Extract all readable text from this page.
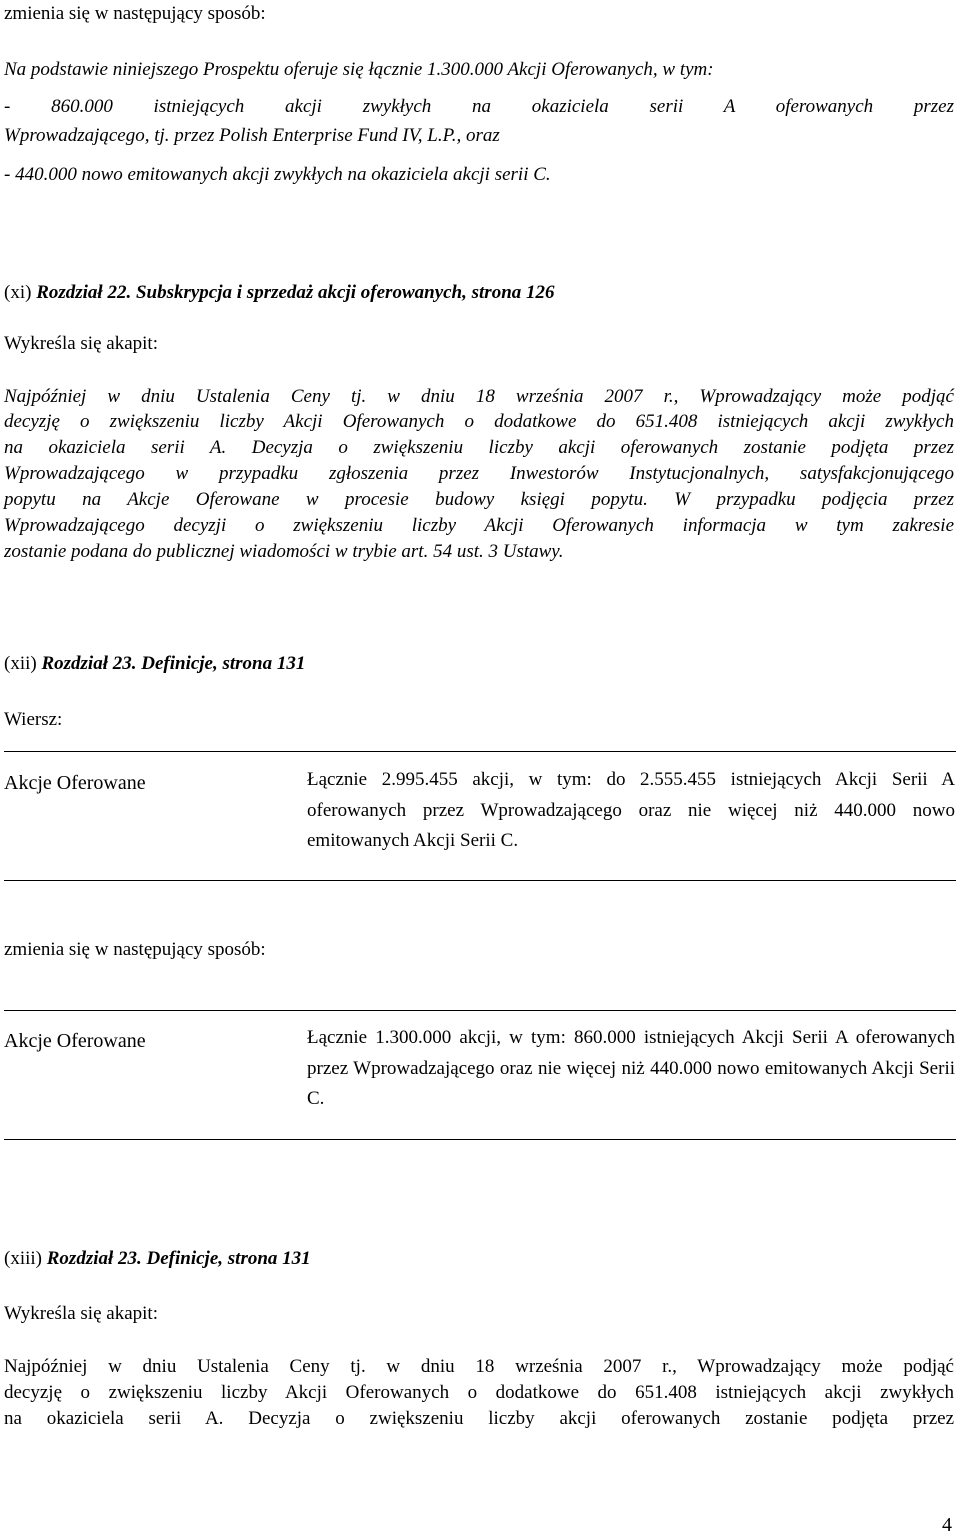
zmienia się w następujący sposób:
Na podstawie niniejszego Prospektu oferuje się łącznie 1.300.000 Akcji Oferowanych, w tym:
- 860.000 istniejących akcji zwykłych na okaziciela serii A oferowanych przez
Wprowadzającego, tj. przez Polish Enterprise Fund IV, L.P., oraz
- 440.000 nowo emitowanych akcji zwykłych na okaziciela akcji serii C.
(xi) Rozdział 22. Subskrypcja i sprzedaż akcji oferowanych, strona 126
Wykreśla się akapit:
Najpóźniej w dniu Ustalenia Ceny tj. w dniu 18 września 2007 r., Wprowadzający może podjąć
decyzję o zwiększeniu liczby Akcji Oferowanych o dodatkowe do 651.408 istniejących akcji zwykłych
na okaziciela serii A. Decyzja o zwiększeniu liczby akcji oferowanych zostanie podjęta przez
Wprowadzającego w przypadku zgłoszenia przez Inwestorów Instytucjonalnych, satysfakcjonującego
popytu na Akcje Oferowane w procesie budowy księgi popytu. W przypadku podjęcia przez
Wprowadzającego decyzji o zwiększeniu liczby Akcji Oferowanych informacja w tym zakresie
zostanie podana do publicznej wiadomości w trybie art. 54 ust. 3 Ustawy.
(xii) Rozdział 23. Definicje, strona 131
Wiersz:
Akcje Oferowane	Łącznie 2.995.455 akcji, w tym: do 2.555.455 istniejących Akcji Serii A oferowanych przez Wprowadzającego oraz nie więcej niż 440.000 nowo emitowanych Akcji Serii C.
zmienia się w następujący sposób:
Akcje Oferowane	Łącznie 1.300.000 akcji, w tym: 860.000 istniejących Akcji Serii A oferowanych przez Wprowadzającego oraz nie więcej niż 440.000 nowo emitowanych Akcji Serii C.
(xiii) Rozdział 23. Definicje, strona 131
Wykreśla się akapit:
Najpóźniej w dniu Ustalenia Ceny tj. w dniu 18 września 2007 r., Wprowadzający może podjąć
decyzję o zwiększeniu liczby Akcji Oferowanych o dodatkowe do 651.408 istniejących akcji zwykłych
na okaziciela serii A. Decyzja o zwiększeniu liczby akcji oferowanych zostanie podjęta przez
4
